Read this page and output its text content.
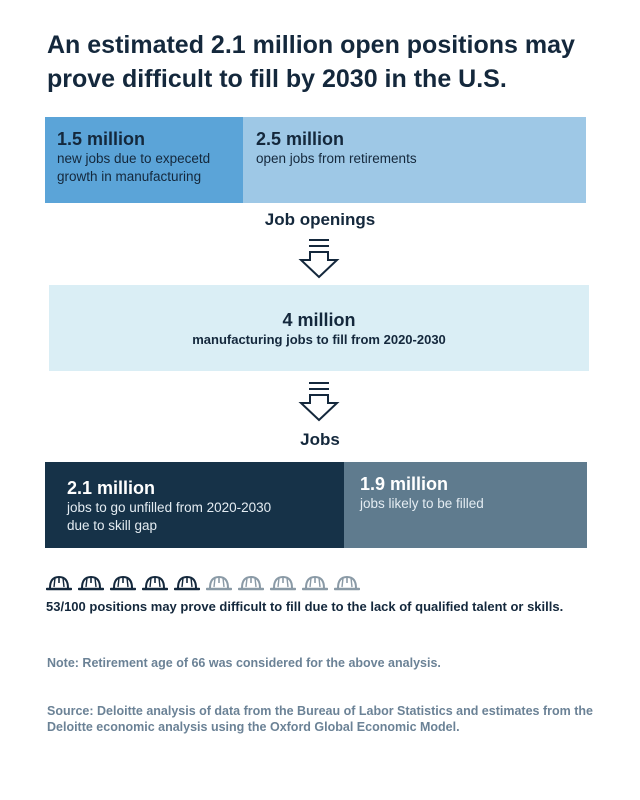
An estimated 2.1 million open positions may prove difficult to fill by 2030 in the U.S.
1.5 million
new jobs due to expecetd growth in manufacturing
2.5 million
open jobs from retirements
Job openings
4 million
manufacturing jobs to fill from 2020-2030
Jobs
2.1 million
jobs to go unfilled from 2020-2030 due to skill gap
1.9 million
jobs likely to be filled
53/100 positions may prove difficult to fill due to the lack of qualified talent or skills.
Note: Retirement age of 66 was considered for the above analysis.
Source: Deloitte analysis of data from the Bureau of Labor Statistics and estimates from the Deloitte economic analysis using the Oxford Global Economic Model.
